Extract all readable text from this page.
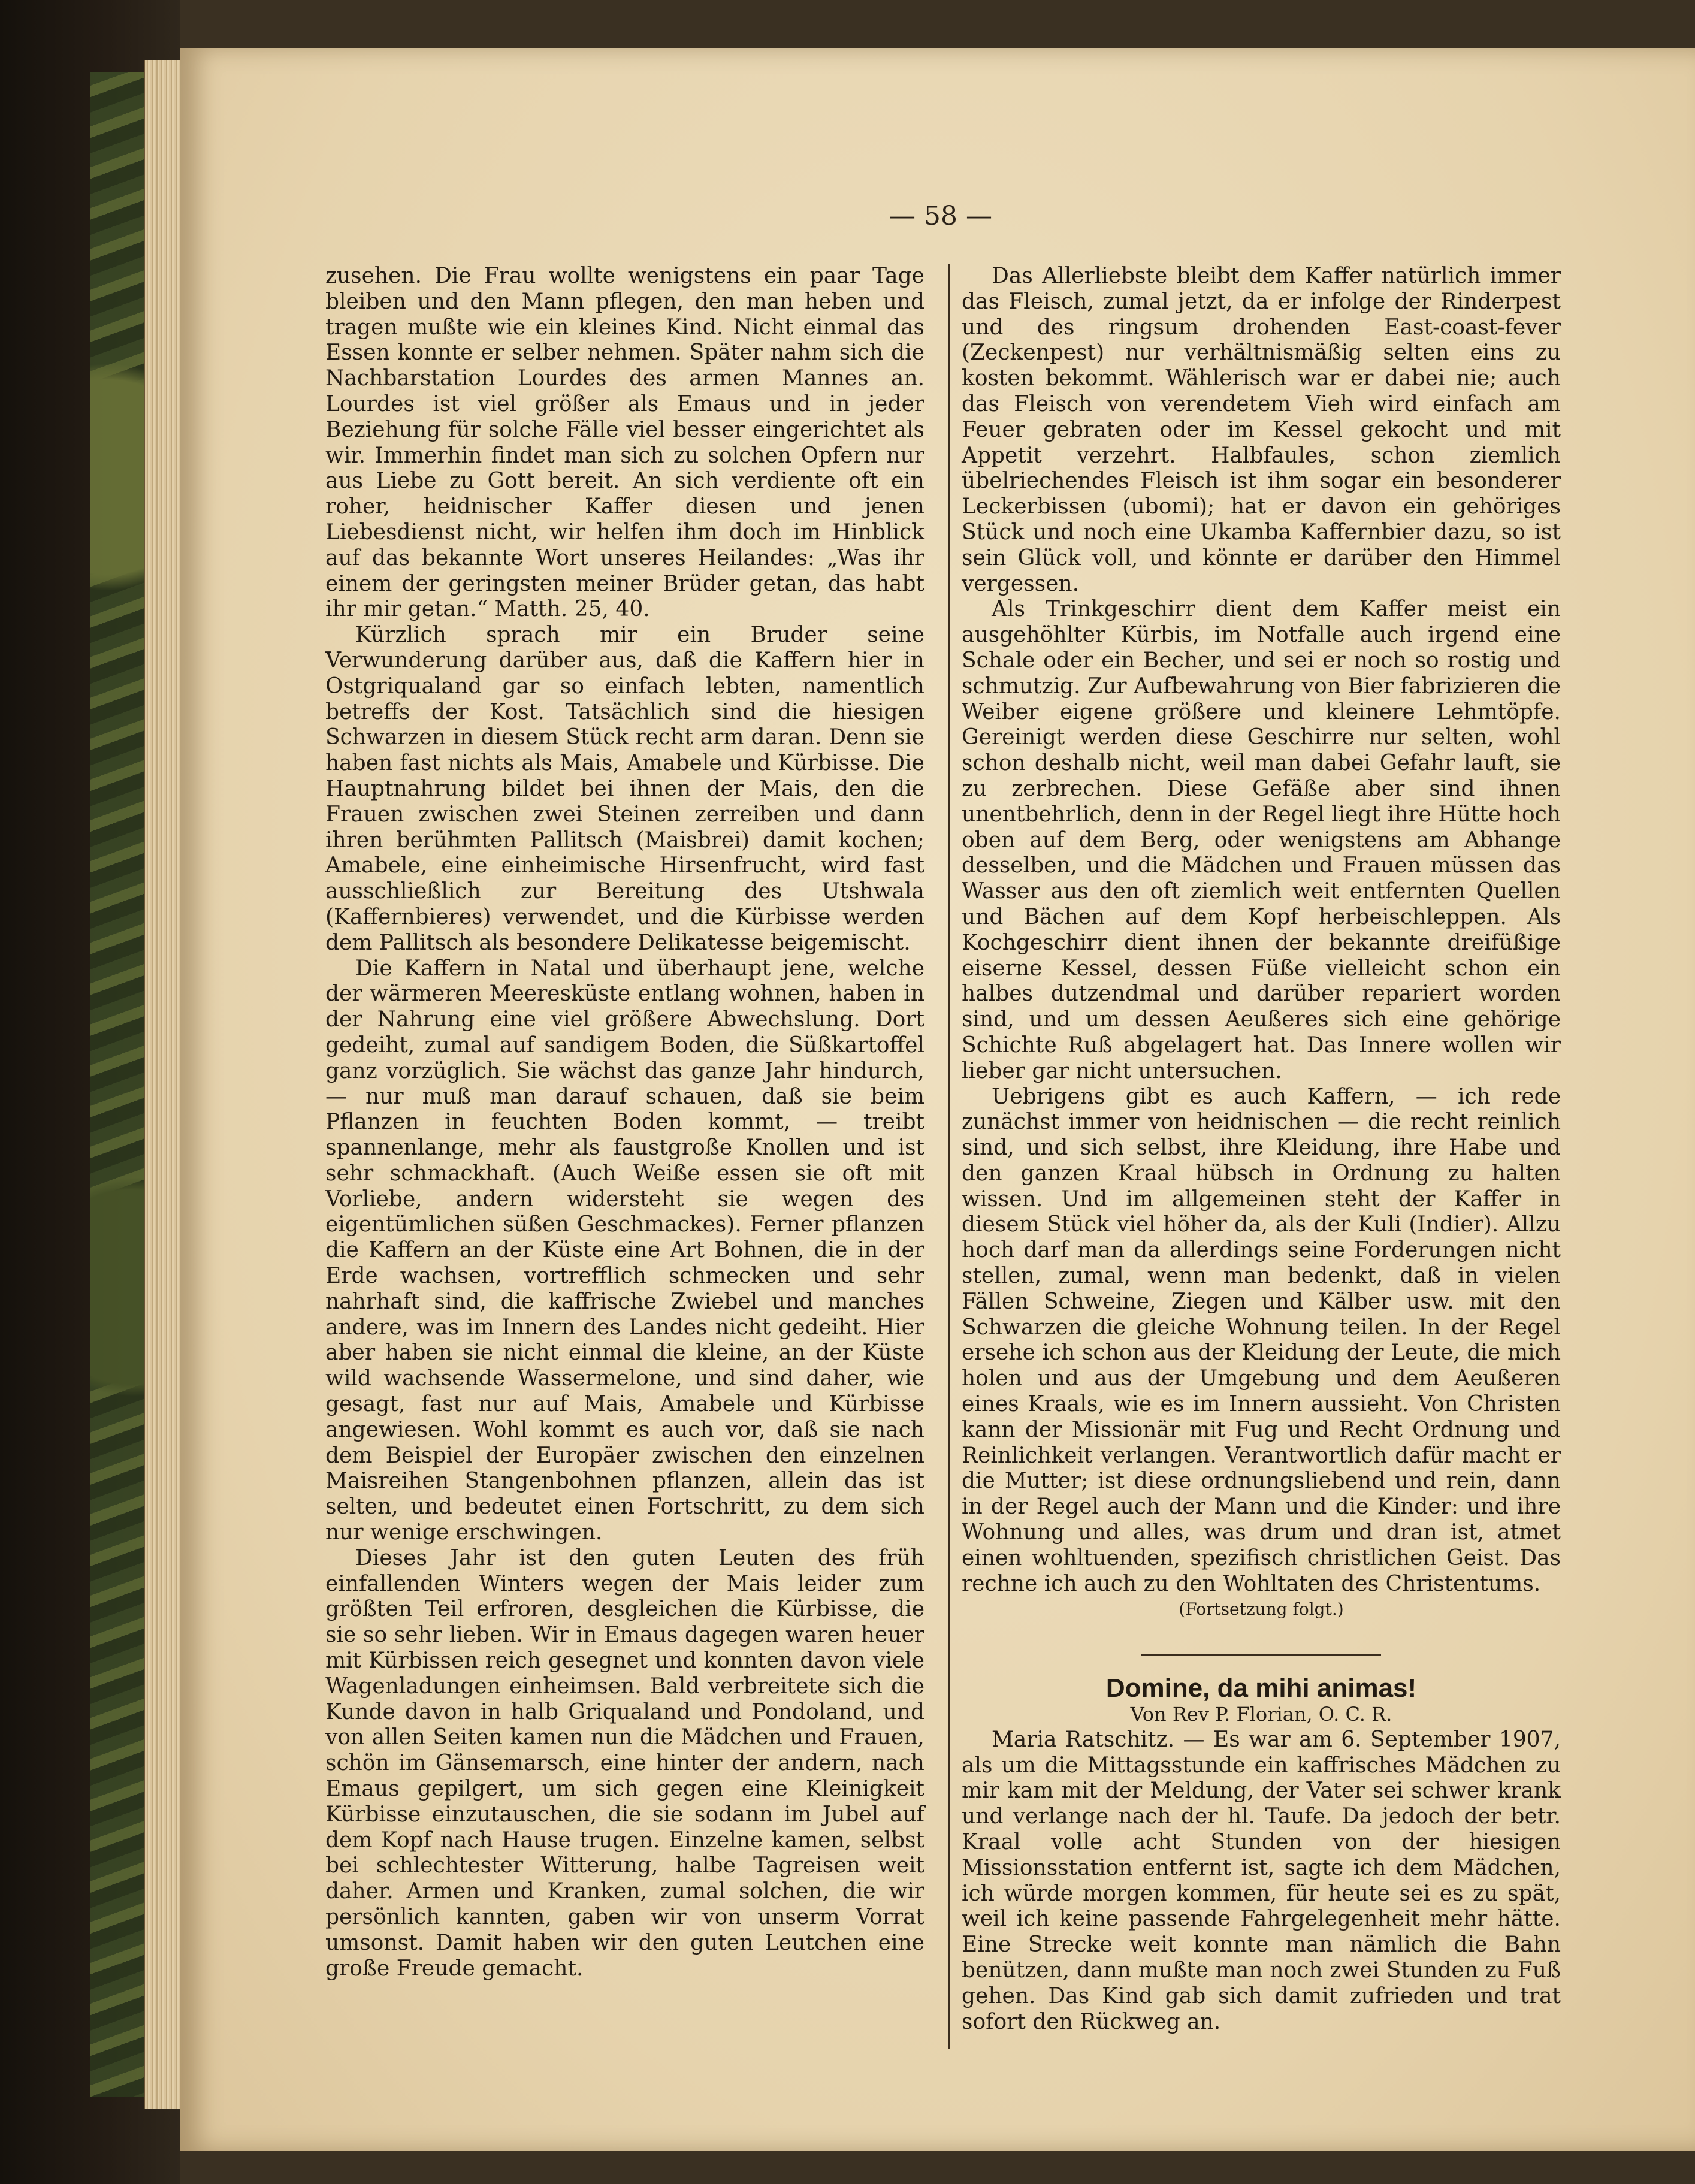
— 58 —

zusehen. Die Frau wollte wenigstens ein paar Tage bleiben und den Mann pflegen, den man heben und tragen mußte wie ein kleines Kind. Nicht einmal das Essen konnte er selber nehmen. Später nahm sich die Nachbarstation Lourdes des armen Mannes an. Lourdes ist viel größer als Emaus und in jeder Beziehung für solche Fälle viel besser eingerichtet als wir. Immerhin findet man sich zu solchen Opfern nur aus Liebe zu Gott bereit. An sich verdiente oft ein roher, heidnischer Kaffer diesen und jenen Liebesdienst nicht, wir helfen ihm doch im Hinblick auf das bekannte Wort unseres Heilandes: „Was ihr einem der geringsten meiner Brüder getan, das habt ihr mir getan.“ Matth. 25, 40.

Kürzlich sprach mir ein Bruder seine Verwunderung darüber aus, daß die Kaffern hier in Ostgriqualand gar so einfach lebten, namentlich betreffs der Kost. Tatsächlich sind die hiesigen Schwarzen in diesem Stück recht arm daran. Denn sie haben fast nichts als Mais, Amabele und Kürbisse. Die Hauptnahrung bildet bei ihnen der Mais, den die Frauen zwischen zwei Steinen zerreiben und dann ihren berühmten Pallitsch (Maisbrei) damit kochen; Amabele, eine einheimische Hirsenfrucht, wird fast ausschließlich zur Bereitung des Utshwala (Kaffernbieres) verwendet, und die Kürbisse werden dem Pallitsch als besondere Delikatesse beigemischt.

Die Kaffern in Natal und überhaupt jene, welche der wärmeren Meeresküste entlang wohnen, haben in der Nahrung eine viel größere Abwechslung. Dort gedeiht, zumal auf sandigem Boden, die Süßkartoffel ganz vorzüglich. Sie wächst das ganze Jahr hindurch, — nur muß man darauf schauen, daß sie beim Pflanzen in feuchten Boden kommt, — treibt spannenlange, mehr als faustgroße Knollen und ist sehr schmackhaft. (Auch Weiße essen sie oft mit Vorliebe, andern widersteht sie wegen des eigentümlichen süßen Geschmackes). Ferner pflanzen die Kaffern an der Küste eine Art Bohnen, die in der Erde wachsen, vortrefflich schmecken und sehr nahrhaft sind, die kaffrische Zwiebel und manches andere, was im Innern des Landes nicht gedeiht. Hier aber haben sie nicht einmal die kleine, an der Küste wild wachsende Wassermelone, und sind daher, wie gesagt, fast nur auf Mais, Amabele und Kürbisse angewiesen. Wohl kommt es auch vor, daß sie nach dem Beispiel der Europäer zwischen den einzelnen Maisreihen Stangenbohnen pflanzen, allein das ist selten, und bedeutet einen Fortschritt, zu dem sich nur wenige erschwingen.

Dieses Jahr ist den guten Leuten des früh einfallenden Winters wegen der Mais leider zum größten Teil erfroren, desgleichen die Kürbisse, die sie so sehr lieben. Wir in Emaus dagegen waren heuer mit Kürbissen reich gesegnet und konnten davon viele Wagenladungen einheimsen. Bald verbreitete sich die Kunde davon in halb Griqualand und Pondoland, und von allen Seiten kamen nun die Mädchen und Frauen, schön im Gänsemarsch, eine hinter der andern, nach Emaus gepilgert, um sich gegen eine Kleinigkeit Kürbisse einzutauschen, die sie sodann im Jubel auf dem Kopf nach Hause trugen. Einzelne kamen, selbst bei schlechtester Witterung, halbe Tagreisen weit daher. Armen und Kranken, zumal solchen, die wir persönlich kannten, gaben wir von unserm Vorrat umsonst. Damit haben wir den guten Leutchen eine große Freude gemacht.

Das Allerliebste bleibt dem Kaffer natürlich immer das Fleisch, zumal jetzt, da er infolge der Rinderpest und des ringsum drohenden East-coast-fever (Zeckenpest) nur verhältnismäßig selten eins zu kosten bekommt. Wählerisch war er dabei nie; auch das Fleisch von verendetem Vieh wird einfach am Feuer gebraten oder im Kessel gekocht und mit Appetit verzehrt. Halbfaules, schon ziemlich übelriechendes Fleisch ist ihm sogar ein besonderer Leckerbissen (ubomi); hat er davon ein gehöriges Stück und noch eine Ukamba Kaffernbier dazu, so ist sein Glück voll, und könnte er darüber den Himmel vergessen.

Als Trinkgeschirr dient dem Kaffer meist ein ausgehöhlter Kürbis, im Notfalle auch irgend eine Schale oder ein Becher, und sei er noch so rostig und schmutzig. Zur Aufbewahrung von Bier fabrizieren die Weiber eigene größere und kleinere Lehmtöpfe. Gereinigt werden diese Geschirre nur selten, wohl schon deshalb nicht, weil man dabei Gefahr lauft, sie zu zerbrechen. Diese Gefäße aber sind ihnen unentbehrlich, denn in der Regel liegt ihre Hütte hoch oben auf dem Berg, oder wenigstens am Abhange desselben, und die Mädchen und Frauen müssen das Wasser aus den oft ziemlich weit entfernten Quellen und Bächen auf dem Kopf herbeischleppen. Als Kochgeschirr dient ihnen der bekannte dreifüßige eiserne Kessel, dessen Füße vielleicht schon ein halbes dutzendmal und darüber repariert worden sind, und um dessen Aeußeres sich eine gehörige Schichte Ruß abgelagert hat. Das Innere wollen wir lieber gar nicht untersuchen.

Uebrigens gibt es auch Kaffern, — ich rede zunächst immer von heidnischen — die recht reinlich sind, und sich selbst, ihre Kleidung, ihre Habe und den ganzen Kraal hübsch in Ordnung zu halten wissen. Und im allgemeinen steht der Kaffer in diesem Stück viel höher da, als der Kuli (Indier). Allzu hoch darf man da allerdings seine Forderungen nicht stellen, zumal, wenn man bedenkt, daß in vielen Fällen Schweine, Ziegen und Kälber usw. mit den Schwarzen die gleiche Wohnung teilen. In der Regel ersehe ich schon aus der Kleidung der Leute, die mich holen und aus der Umgebung und dem Aeußeren eines Kraals, wie es im Innern aussieht. Von Christen kann der Missionär mit Fug und Recht Ordnung und Reinlichkeit verlangen. Verantwortlich dafür macht er die Mutter; ist diese ordnungsliebend und rein, dann in der Regel auch der Mann und die Kinder: und ihre Wohnung und alles, was drum und dran ist, atmet einen wohltuenden, spezifisch christlichen Geist. Das rechne ich auch zu den Wohltaten des Christentums.

(Fortsetzung folgt.)

Domine, da mihi animas!

Von Rev P. Florian, O. C. R.

Maria Ratschitz. — Es war am 6. September 1907, als um die Mittagsstunde ein kaffrisches Mädchen zu mir kam mit der Meldung, der Vater sei schwer krank und verlange nach der hl. Taufe. Da jedoch der betr. Kraal volle acht Stunden von der hiesigen Missionsstation entfernt ist, sagte ich dem Mädchen, ich würde morgen kommen, für heute sei es zu spät, weil ich keine passende Fahrgelegenheit mehr hätte. Eine Strecke weit konnte man nämlich die Bahn benützen, dann mußte man noch zwei Stunden zu Fuß gehen. Das Kind gab sich damit zufrieden und trat sofort den Rückweg an.
